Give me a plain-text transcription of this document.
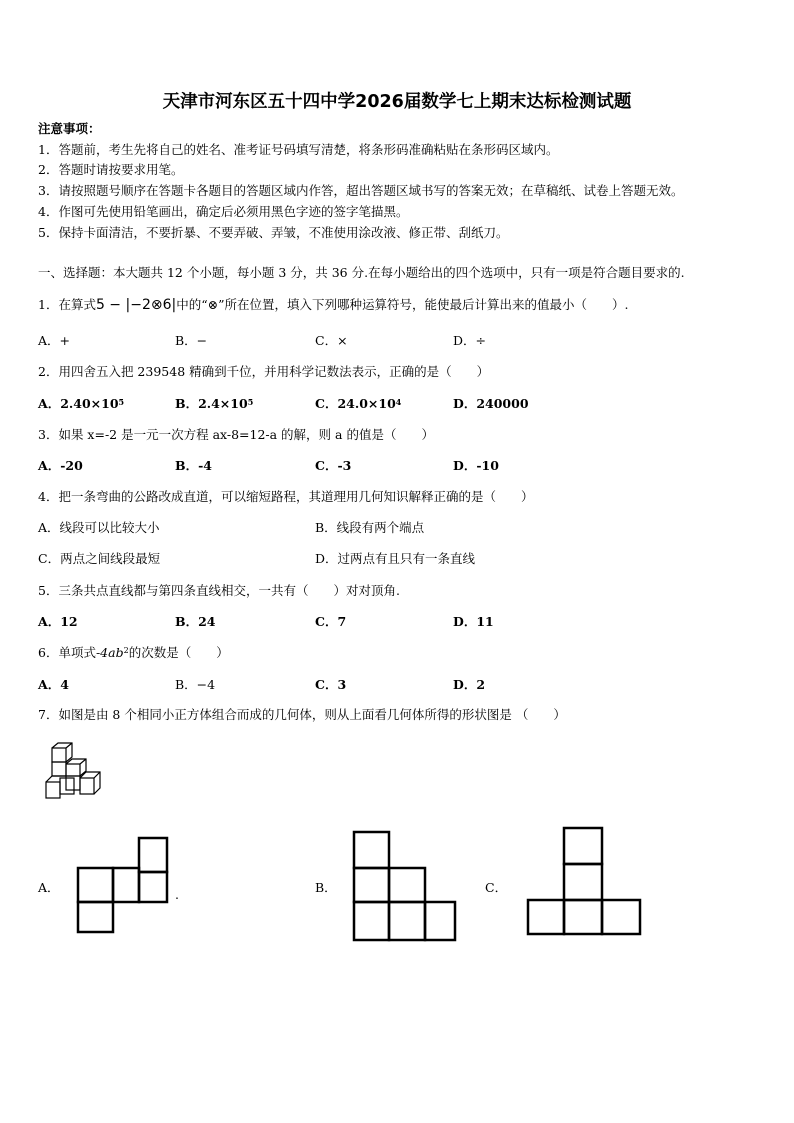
天津市河东区五十四中学2026届数学七上期末达标检测试题
注意事项：
1．答题前，考生先将自己的姓名、准考证号码填写清楚，将条形码准确粘贴在条形码区域内。
2．答题时请按要求用笔。
3．请按照题号顺序在答题卡各题目的答题区域内作答，超出答题区域书写的答案无效；在草稿纸、试卷上答题无效。
4．作图可先使用铅笔画出，确定后必须用黑色字迹的签字笔描黑。
5．保持卡面清洁，不要折暴、不要弄破、弄皱，不准使用涂改液、修正带、刮纸刀。
一、选择题：本大题共 12 个小题，每小题 3 分，共 36 分.在每小题给出的四个选项中，只有一项是符合题目要求的.
1．在算式5 − |−2⊗6|中的“⊗”所在位置，填入下列哪种运算符号，能使最后计算出来的值最小（　　）.
A．+	B．−	C．×	D．÷
2．用四舍五入把 239548 精确到千位，并用科学记数法表示，正确的是（　　）
A．$2.40\times 10^5$	B．$2.4\times 10^5$	C．$24.0\times 10^4$	D．240000
3．如果 x=-2 是一元一次方程 ax-8=12-a 的解，则 a 的值是（　　）
A．-20	B．-4	C．-3	D．-10
4．把一条弯曲的公路改成直道，可以缩短路程，其道理用几何知识解释正确的是（　　）
A．线段可以比较大小	B．线段有两个端点
C．两点之间线段最短	D．过两点有且只有一条直线
5．三条共点直线都与第四条直线相交，一共有（　　）对对顶角.
A．12	B．24	C．7	D．11
6．单项式$-4ab^2$的次数是（　　）
A．4	B．−4	C．3	D．2
7．如图是由 8 个相同小正方体组合而成的几何体，则从上面看几何体所得的形状图是 （　　）
A．	.	B．	C．
